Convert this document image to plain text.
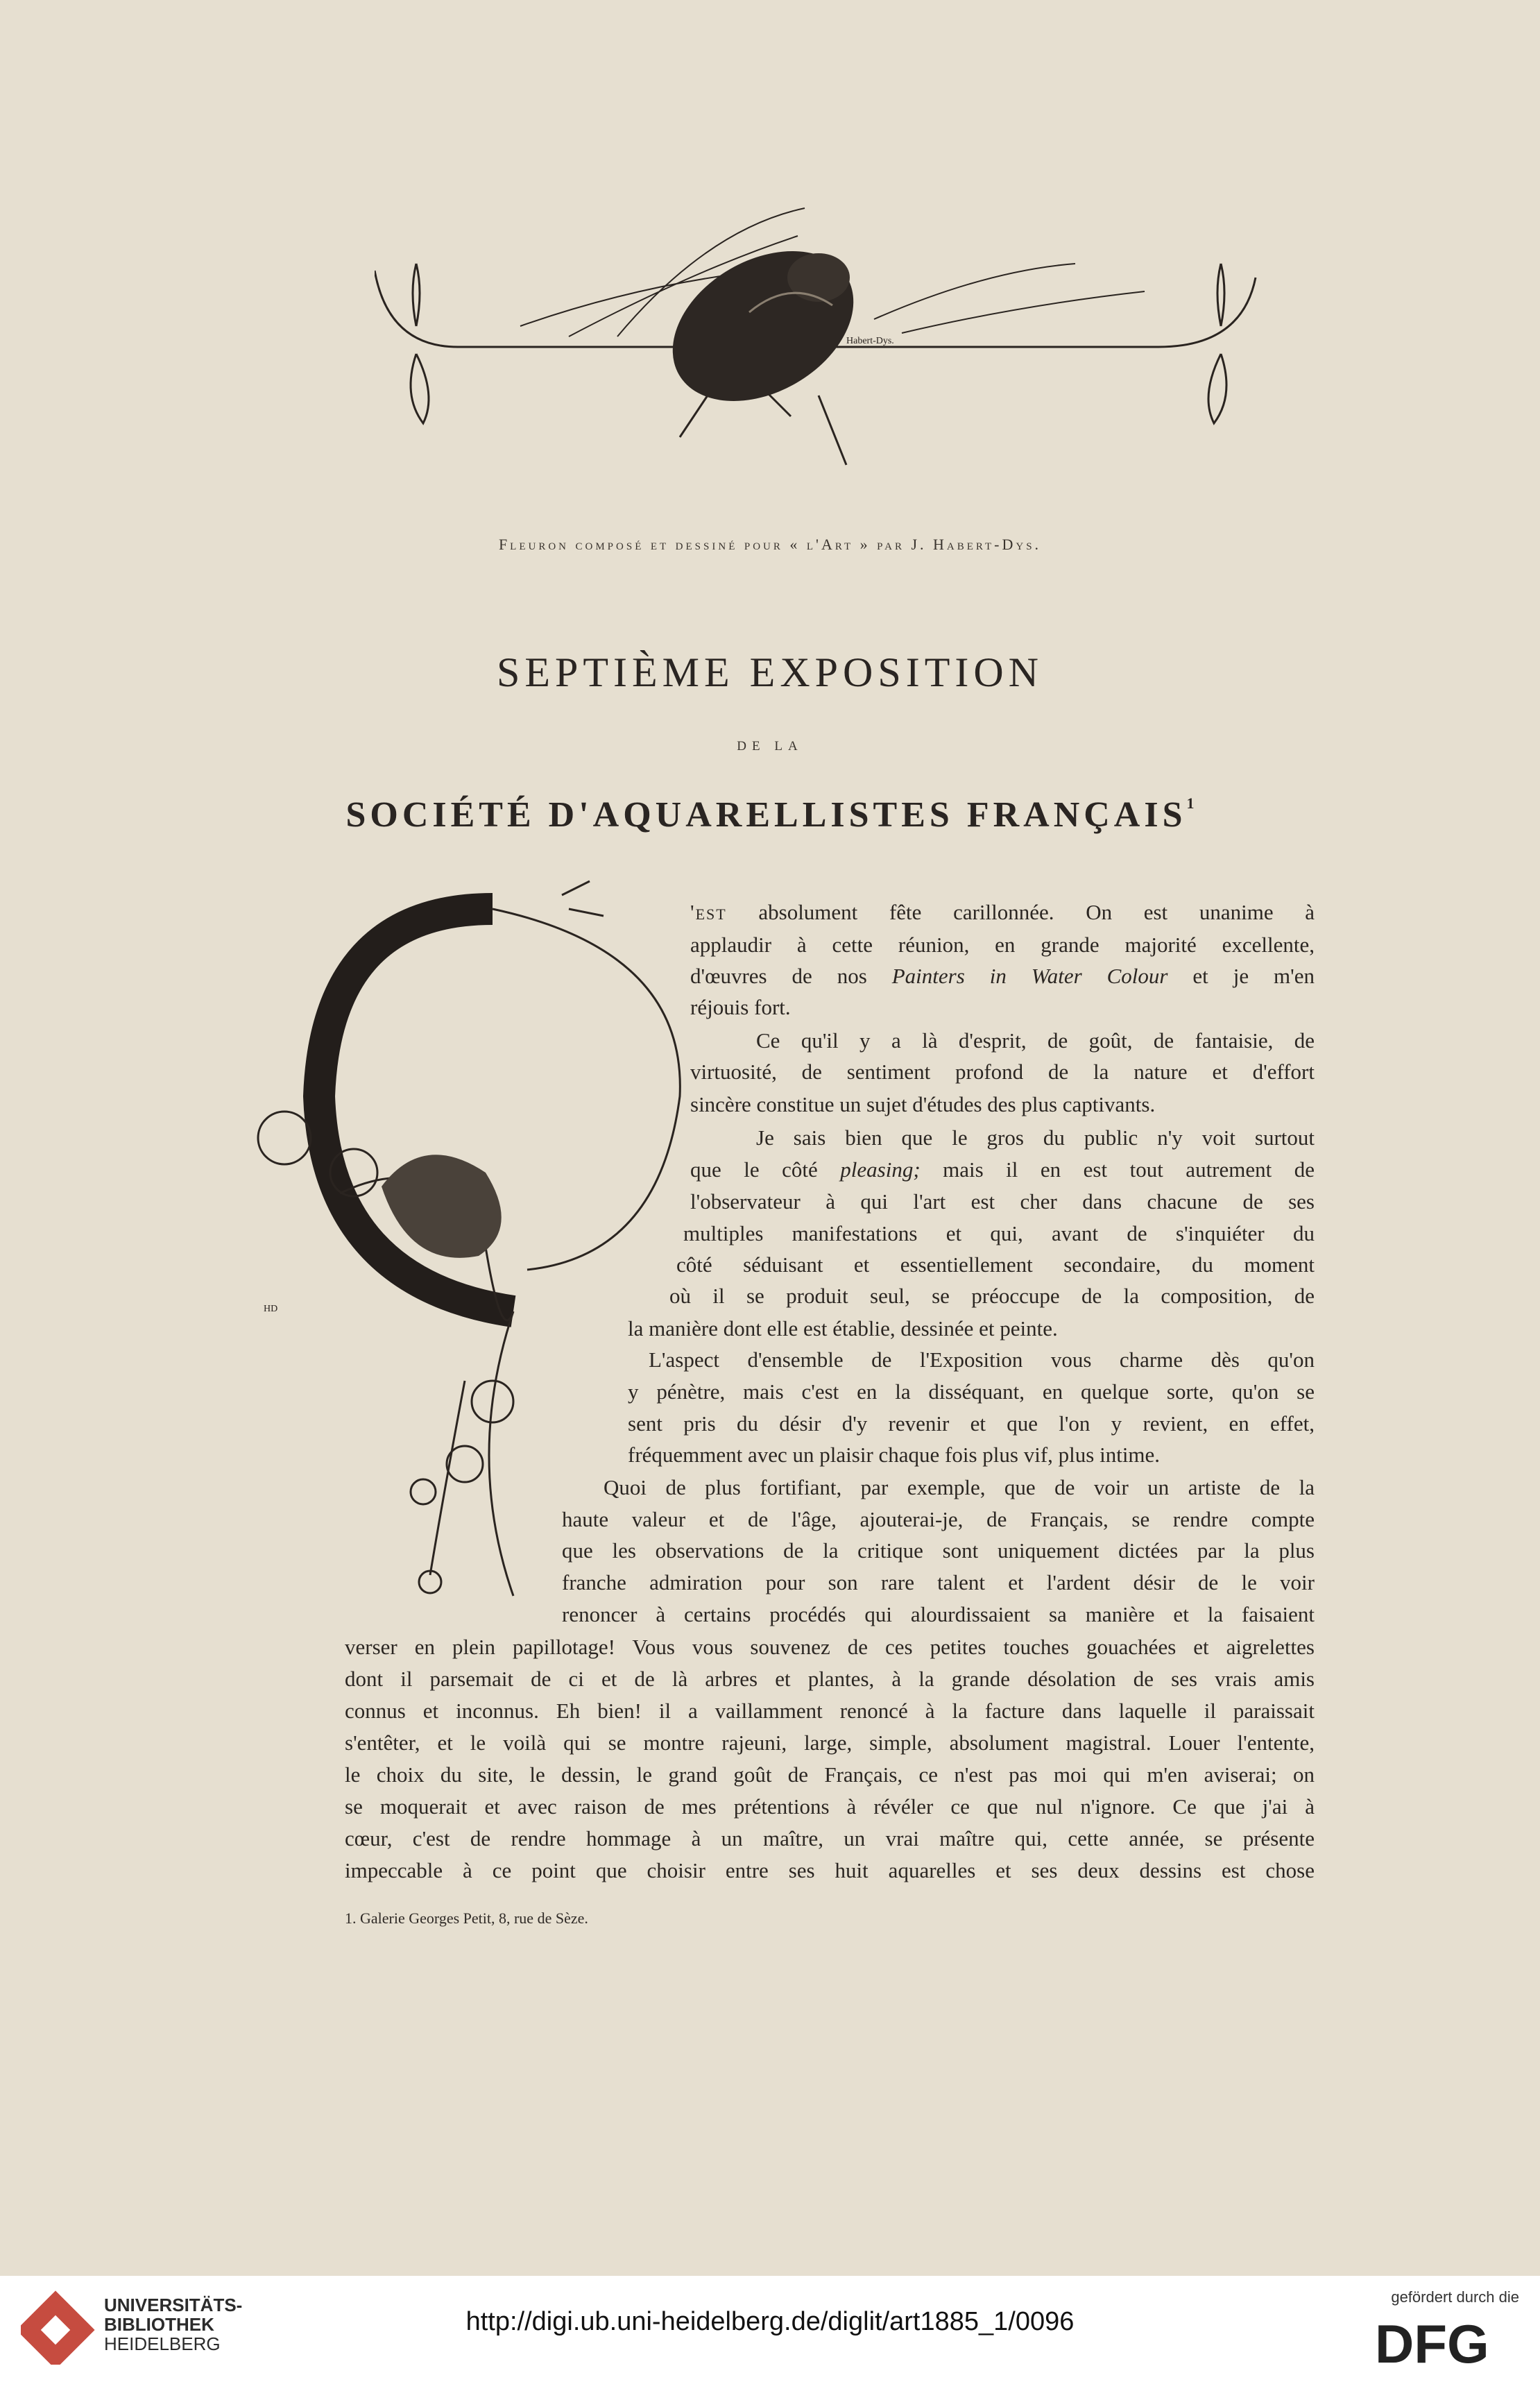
Habert-Dys.
Fleuron composé et dessiné pour « l'Art » par J. Habert-Dys.
SEPTIÈME EXPOSITION
DE LA
SOCIÉTÉ D'AQUARELLISTES FRANÇAIS$^1$
HD
'est absolument fête carillonnée. On est unanime à
applaudir à cette réunion, en grande majorité excellente,
d'œuvres de nos Painters in Water Colour et je m'en
réjouis fort.
Ce qu'il y a là d'esprit, de goût, de fantaisie, de
virtuosité, de sentiment profond de la nature et d'effort
sincère constitue un sujet d'études des plus captivants.
Je sais bien que le gros du public n'y voit surtout
que le côté pleasing; mais il en est tout autrement de
l'observateur à qui l'art est cher dans chacune de ses
multiples manifestations et qui, avant de s'inquiéter du
côté séduisant et essentiellement secondaire, du moment
où il se produit seul, se préoccupe de la composition, de
la manière dont elle est établie, dessinée et peinte.
L'aspect d'ensemble de l'Exposition vous charme dès qu'on
y pénètre, mais c'est en la disséquant, en quelque sorte, qu'on se
sent pris du désir d'y revenir et que l'on y revient, en effet,
fréquemment avec un plaisir chaque fois plus vif, plus intime.
Quoi de plus fortifiant, par exemple, que de voir un artiste de la
haute valeur et de l'âge, ajouterai-je, de Français, se rendre compte
que les observations de la critique sont uniquement dictées par la plus
franche admiration pour son rare talent et l'ardent désir de le voir
renoncer à certains procédés qui alourdissaient sa manière et la faisaient
verser en plein papillotage! Vous vous souvenez de ces petites touches gouachées et aigrelettes
dont il parsemait de ci et de là arbres et plantes, à la grande désolation de ses vrais amis
connus et inconnus. Eh bien! il a vaillamment renoncé à la facture dans laquelle il paraissait
s'entêter, et le voilà qui se montre rajeuni, large, simple, absolument magistral. Louer l'entente,
le choix du site, le dessin, le grand goût de Français, ce n'est pas moi qui m'en aviserai; on
se moquerait et avec raison de mes prétentions à révéler ce que nul n'ignore. Ce que j'ai à
cœur, c'est de rendre hommage à un maître, un vrai maître qui, cette année, se présente
impeccable à ce point que choisir entre ses huit aquarelles et ses deux dessins est chose
1. Galerie Georges Petit, 8, rue de Sèze.
UNIVERSITÄTS-
BIBLIOTHEK
HEIDELBERG
http://digi.ub.uni-heidelberg.de/diglit/art1885_1/0096
gefördert durch die
DFG
